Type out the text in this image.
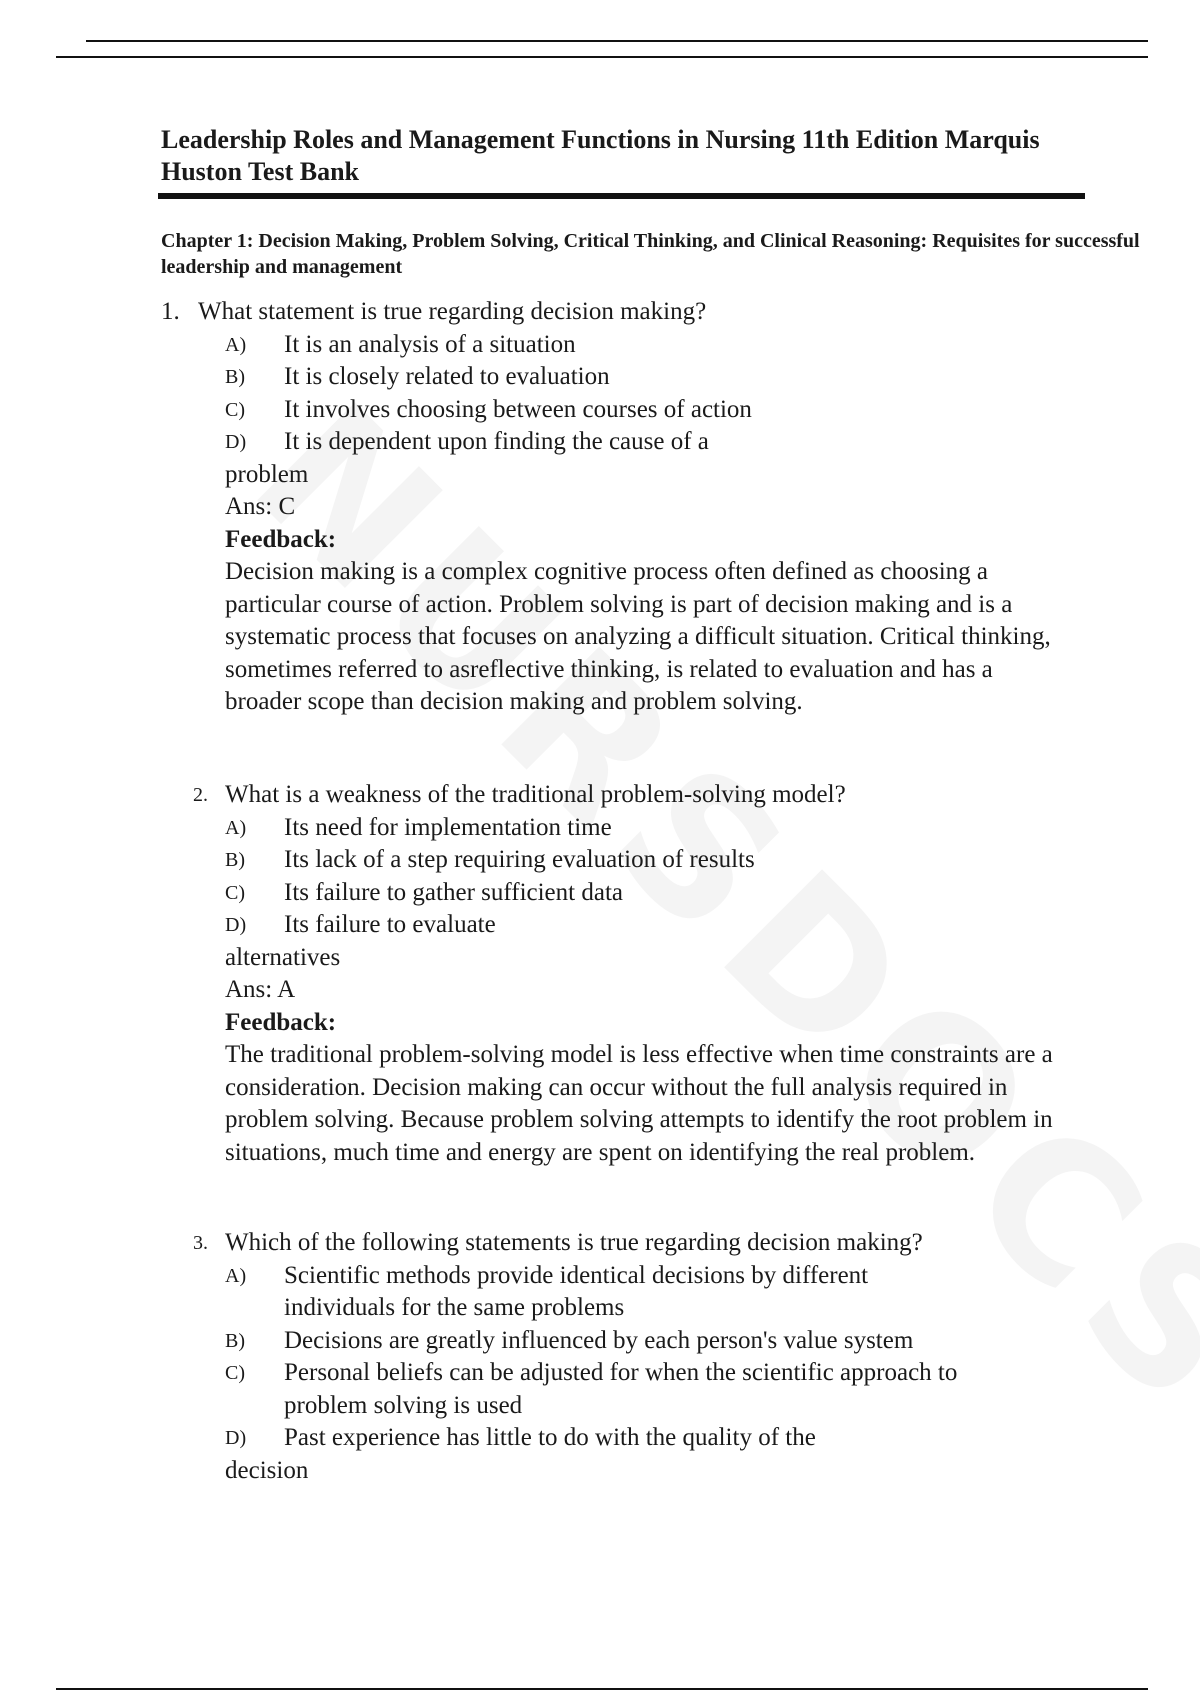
Leadership Roles and Management Functions in Nursing 11th Edition Marquis Huston Test Bank
Chapter 1: Decision Making, Problem Solving, Critical Thinking, and Clinical Reasoning: Requisites for successful leadership and management
1. What statement is true regarding decision making?
A)	It is an analysis of a situation
B)	It is closely related to evaluation
C)	It involves choosing between courses of action
D)	It is dependent upon finding the cause of a
problem
Ans: C
Feedback:
Decision making is a complex cognitive process often defined as choosing a particular course of action. Problem solving is part of decision making and is a systematic process that focuses on analyzing a difficult situation. Critical thinking, sometimes referred to asreflective thinking, is related to evaluation and has a broader scope than decision making and problem solving.
2. What is a weakness of the traditional problem-solving model?
A)	Its need for implementation time
B)	Its lack of a step requiring evaluation of results
C)	Its failure to gather sufficient data
D)	Its failure to evaluate
alternatives
Ans: A
Feedback:
The traditional problem-solving model is less effective when time constraints are a consideration. Decision making can occur without the full analysis required in problem solving. Because problem solving attempts to identify the root problem in situations, much time and energy are spent on identifying the real problem.
3. Which of the following statements is true regarding decision making?
A)	Scientific methods provide identical decisions by different individuals for the same problems
B)	Decisions are greatly influenced by each person's value system
C)	Personal beliefs can be adjusted for when the scientific approach to problem solving is used
D)	Past experience has little to do with the quality of the
decision
